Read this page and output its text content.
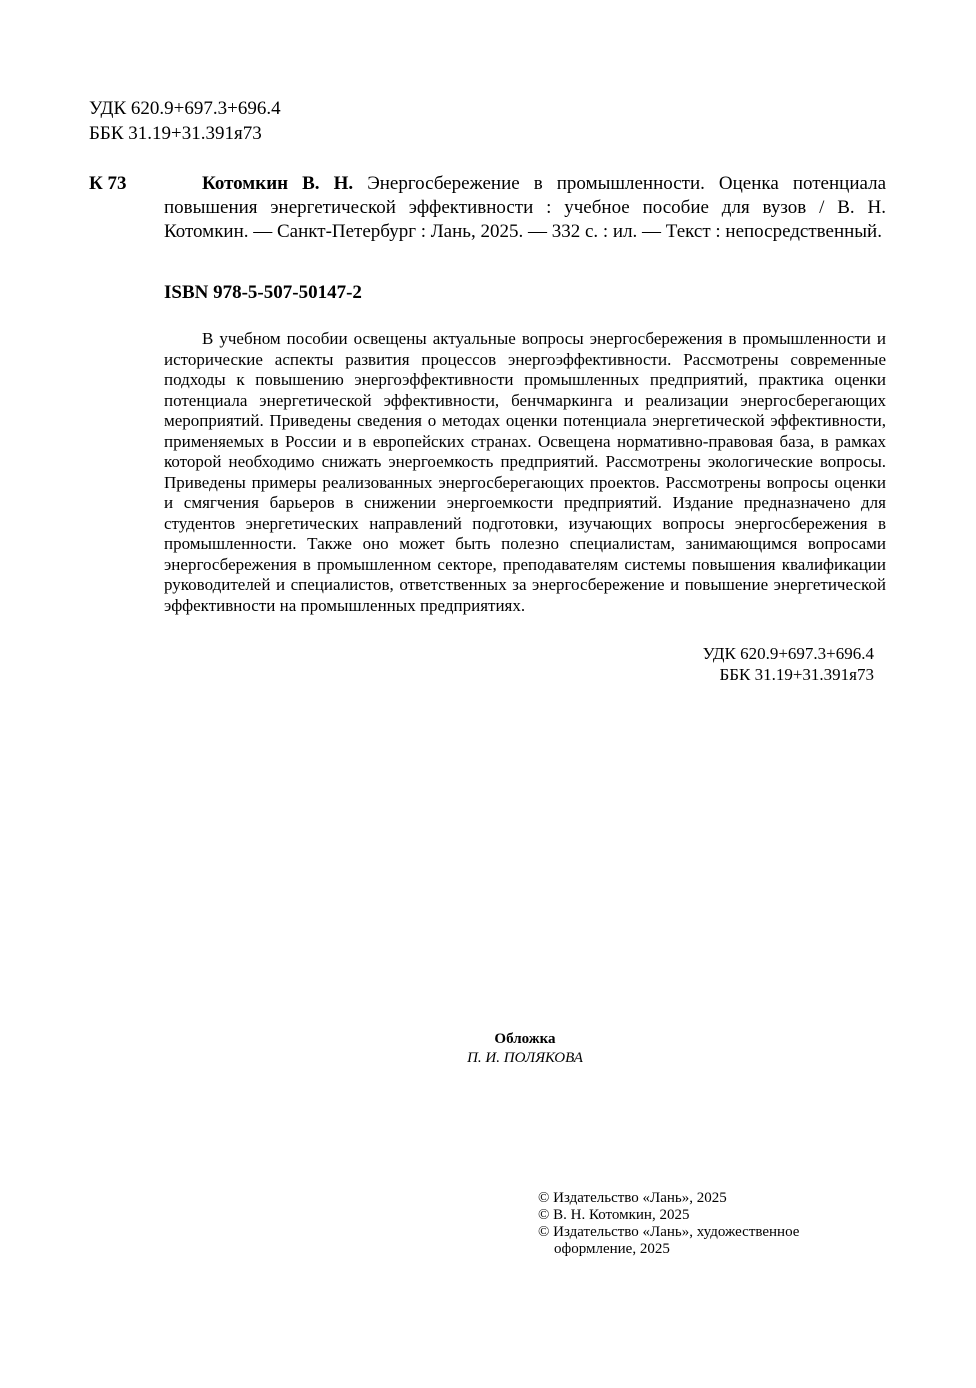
УДК 620.9+697.3+696.4
ББК 31.19+31.391я73
К 73	Котомкин В. Н. Энергосбережение в промышленности. Оценка потенциала повышения энергетической эффективности : учебное пособие для вузов / В. Н. Котомкин. — Санкт-Петербург : Лань, 2025. — 332 с. : ил. — Текст : непосредственный.
ISBN 978-5-507-50147-2

В учебном пособии освещены актуальные вопросы энергосбережения в промышленности и исторические аспекты развития процессов энергоэффективности. Рассмотрены современные подходы к повышению энергоэффективности промышленных предприятий, практика оценки потенциала энергетической эффективности, бенчмаркинга и реализации энергосберегающих мероприятий. Приведены сведения о методах оценки потенциала энергетической эффективности, применяемых в России и в европейских странах. Освещена нормативно-правовая база, в рамках которой необходимо снижать энергоемкость предприятий. Рассмотрены экологические вопросы. Приведены примеры реализованных энергосберегающих проектов. Рассмотрены вопросы оценки и смягчения барьеров в снижении энергоемкости предприятий. Издание предназначено для студентов энергетических направлений подготовки, изучающих вопросы энергосбережения в промышленности. Также оно может быть полезно специалистам, занимающимся вопросами энергосбережения в промышленном секторе, преподавателям системы повышения квалификации руководителей и специалистов, ответственных за энергосбережение и повышение энергетической эффективности на промышленных предприятиях.

УДК 620.9+697.3+696.4
ББК 31.19+31.391я73
Обложка
П. И. ПОЛЯКОВА
© Издательство «Лань», 2025
© В. Н. Котомкин, 2025
© Издательство «Лань», художественное
оформление, 2025
